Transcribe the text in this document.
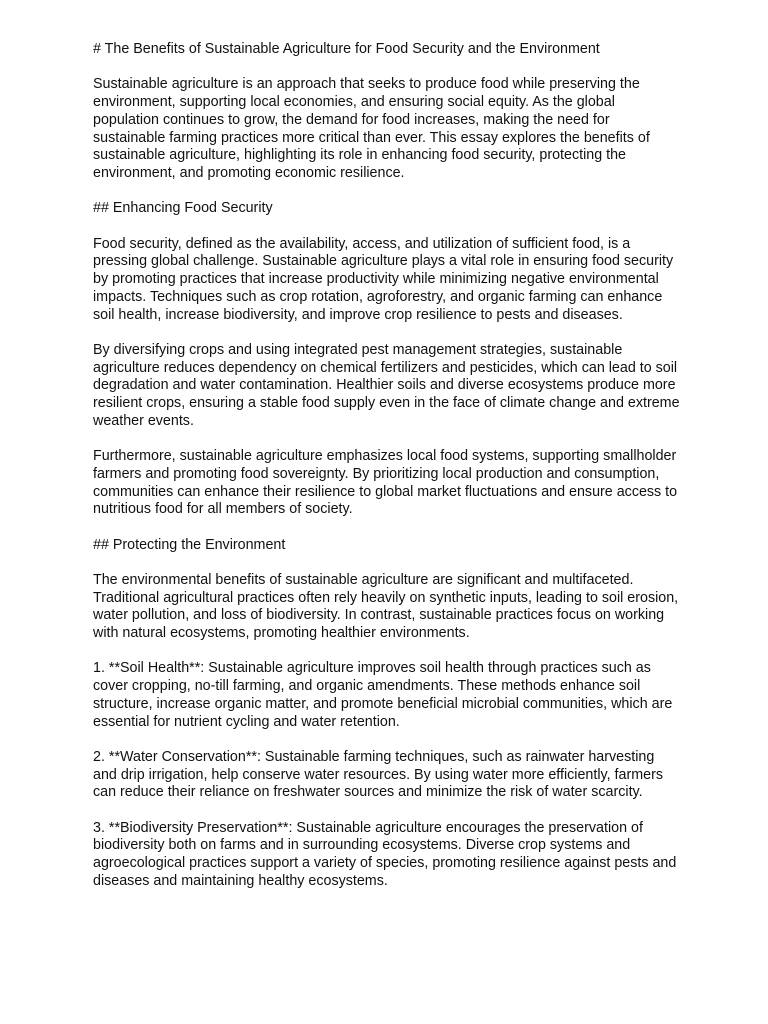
# The Benefits of Sustainable Agriculture for Food Security and the Environment

Sustainable agriculture is an approach that seeks to produce food while preserving the
environment, supporting local economies, and ensuring social equity. As the global
population continues to grow, the demand for food increases, making the need for
sustainable farming practices more critical than ever. This essay explores the benefits of
sustainable agriculture, highlighting its role in enhancing food security, protecting the
environment, and promoting economic resilience.

## Enhancing Food Security

Food security, defined as the availability, access, and utilization of sufficient food, is a
pressing global challenge. Sustainable agriculture plays a vital role in ensuring food security
by promoting practices that increase productivity while minimizing negative environmental
impacts. Techniques such as crop rotation, agroforestry, and organic farming can enhance
soil health, increase biodiversity, and improve crop resilience to pests and diseases.

By diversifying crops and using integrated pest management strategies, sustainable
agriculture reduces dependency on chemical fertilizers and pesticides, which can lead to soil
degradation and water contamination. Healthier soils and diverse ecosystems produce more
resilient crops, ensuring a stable food supply even in the face of climate change and extreme
weather events.

Furthermore, sustainable agriculture emphasizes local food systems, supporting smallholder
farmers and promoting food sovereignty. By prioritizing local production and consumption,
communities can enhance their resilience to global market fluctuations and ensure access to
nutritious food for all members of society.

## Protecting the Environment

The environmental benefits of sustainable agriculture are significant and multifaceted.
Traditional agricultural practices often rely heavily on synthetic inputs, leading to soil erosion,
water pollution, and loss of biodiversity. In contrast, sustainable practices focus on working
with natural ecosystems, promoting healthier environments.

1. **Soil Health**: Sustainable agriculture improves soil health through practices such as
cover cropping, no-till farming, and organic amendments. These methods enhance soil
structure, increase organic matter, and promote beneficial microbial communities, which are
essential for nutrient cycling and water retention.

2. **Water Conservation**: Sustainable farming techniques, such as rainwater harvesting
and drip irrigation, help conserve water resources. By using water more efficiently, farmers
can reduce their reliance on freshwater sources and minimize the risk of water scarcity.

3. **Biodiversity Preservation**: Sustainable agriculture encourages the preservation of
biodiversity both on farms and in surrounding ecosystems. Diverse crop systems and
agroecological practices support a variety of species, promoting resilience against pests and
diseases and maintaining healthy ecosystems.
